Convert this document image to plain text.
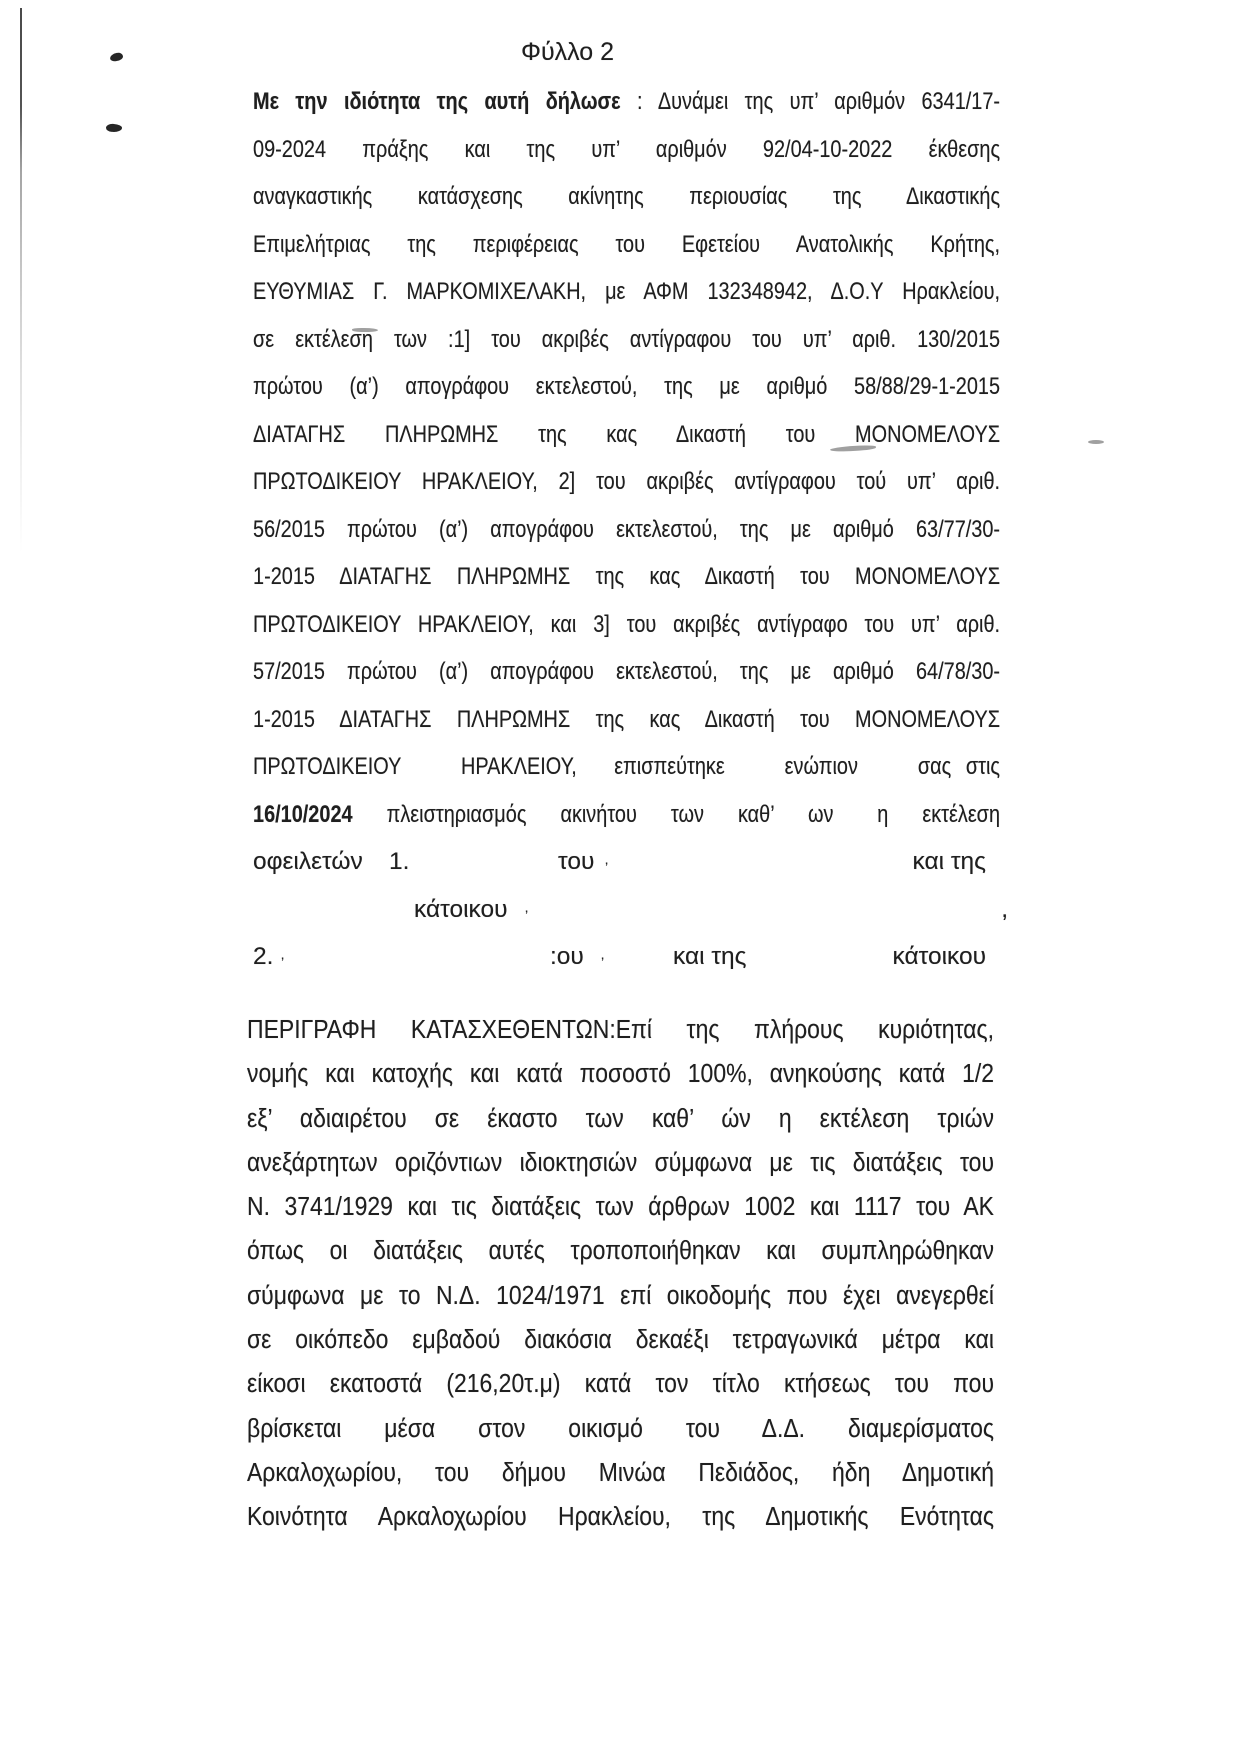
Φύλλο 2
Με την ιδιότητα της αυτή δήλωσε : Δυνάμει της υπ’ αριθμόν 6341/17-
09-2024 πράξης και της υπ’ αριθμόν 92/04-10-2022 έκθεσης
αναγκαστικής κατάσχεσης ακίνητης περιουσίας της Δικαστικής
Επιμελήτριας της περιφέρειας του Εφετείου Ανατολικής Κρήτης,
ΕΥΘΥΜΙΑΣ Γ. ΜΑΡΚΟΜΙΧΕΛΑΚΗ, με ΑΦΜ 132348942, Δ.Ο.Υ Ηρακλείου,
σε εκτέλεση των :1] του ακριβές αντίγραφου του υπ’ αριθ. 130/2015
πρώτου (α’) απογράφου εκτελεστού, της με αριθμό 58/88/29-1-2015
ΔΙΑΤΑΓΗΣ ΠΛΗΡΩΜΗΣ της κας Δικαστή του ΜΟΝΟΜΕΛΟΥΣ
ΠΡΩΤΟΔΙΚΕΙΟΥ ΗΡΑΚΛΕΙΟΥ, 2] του ακριβές αντίγραφου τού υπ’ αριθ.
56/2015 πρώτου (α’) απογράφου εκτελεστού, της με αριθμό 63/77/30-
1-2015 ΔΙΑΤΑΓΗΣ ΠΛΗΡΩΜΗΣ της κας Δικαστή του ΜΟΝΟΜΕΛΟΥΣ
ΠΡΩΤΟΔΙΚΕΙΟΥ ΗΡΑΚΛΕΙΟΥ, και 3] του ακριβές αντίγραφο του υπ’ αριθ.
57/2015 πρώτου (α’) απογράφου εκτελεστού, της με αριθμό 64/78/30-
1-2015 ΔΙΑΤΑΓΗΣ ΠΛΗΡΩΜΗΣ της κας Δικαστή του ΜΟΝΟΜΕΛΟΥΣ
ΠΡΩΤΟΔΙΚΕΙΟΥ ΗΡΑΚΛΕΙΟΥ, επισπεύτηκε ενώπιον σας στις
16/10/2024 πλειστηριασμός ακινήτου των καθ’ ων η εκτέλεση
οφειλετών 1.	του ’	και της
κάτοικου ’	,
2. ’	:ου ’	και της	κάτοικου
ΠΕΡΙΓΡΑΦΗ ΚΑΤΑΣΧΕΘΕΝΤΩΝ:Επί της πλήρους κυριότητας,
νομής και κατοχής και κατά ποσοστό 100%, ανηκούσης κατά 1/2
εξ’ αδιαιρέτου σε έκαστο των καθ’ ών η εκτέλεση τριών
ανεξάρτητων οριζόντιων ιδιοκτησιών σύμφωνα με τις διατάξεις του
Ν. 3741/1929 και τις διατάξεις των άρθρων 1002 και 1117 του ΑΚ
όπως οι διατάξεις αυτές τροποποιήθηκαν και συμπληρώθηκαν
σύμφωνα με το Ν.Δ. 1024/1971 επί οικοδομής που έχει ανεγερθεί
σε οικόπεδο εμβαδού διακόσια δεκαέξι τετραγωνικά μέτρα και
είκοσι εκατοστά (216,20τ.μ) κατά τον τίτλο κτήσεως του που
βρίσκεται μέσα στον οικισμό του Δ.Δ. διαμερίσματος
Αρκαλοχωρίου, του δήμου Μινώα Πεδιάδος, ήδη Δημοτική
Κοινότητα Αρκαλοχωρίου Ηρακλείου, της Δημοτικής Ενότητας
